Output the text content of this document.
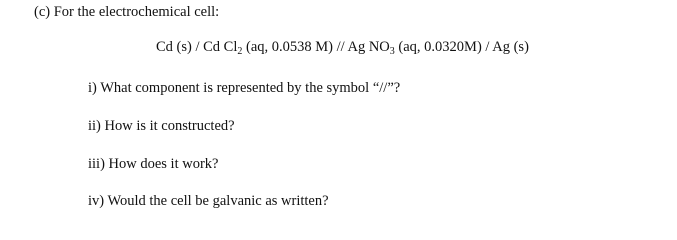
(c) For the electrochemical cell:
Cd (s) / Cd $Cl_2$ (aq, 0.0538 M) // Ag $NO_3$ (aq, 0.0320M) / Ag (s)
i) What component is represented by the symbol “//”?
ii) How is it constructed?
iii) How does it work?
iv) Would the cell be galvanic as written?
